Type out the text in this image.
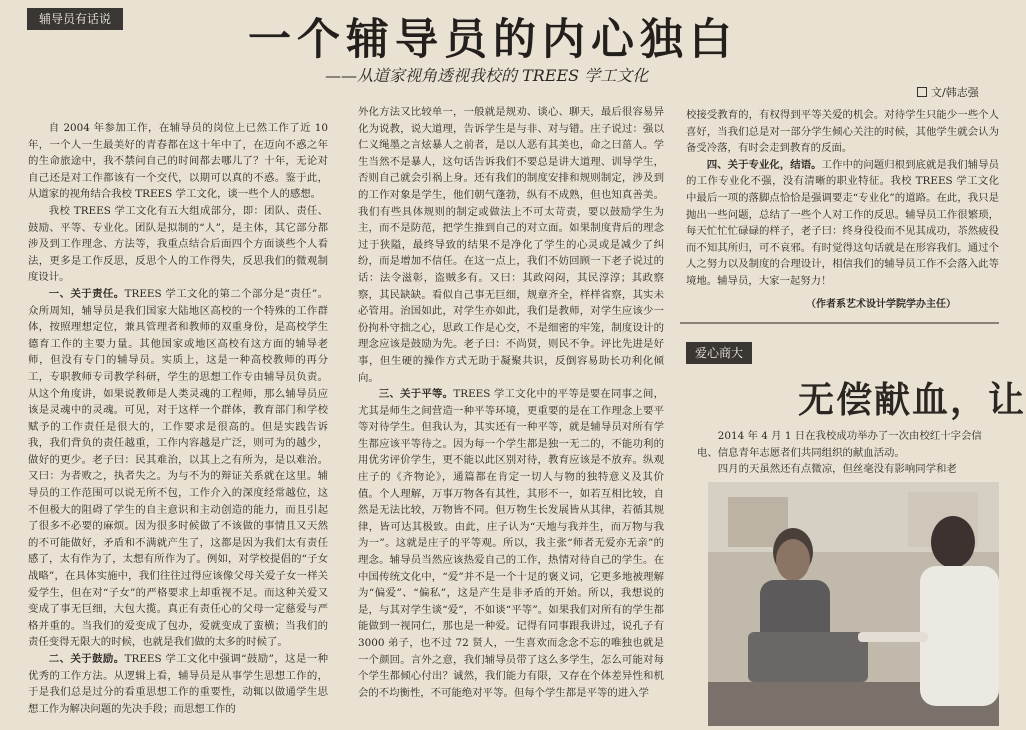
辅导员有话说	一个辅导员的内心独白
——从道家视角透视我校的 TREES 学工文化
文/韩志强

自 2004 年参加工作，在辅导员的岗位上已然工作了近 10 年，一个人一生最美好的青春都在这十年中了，在迈向不惑之年的生命旅途中，我不禁问自己的时间都去哪儿了？十年，无论对自己还是对工作都该有一个交代，以期可以真的不惑。鉴于此，从道家的视角结合我校 TREES 学工文化，谈一些个人的感想。

我校 TREES 学工文化有五大组成部分，即：团队、责任、鼓励、平等、专业化。团队是拟制的“人”，是主体，其它部分都涉及到工作理念、方法等，我重点结合后面四个方面谈些个人看法，更多是工作反思，反思个人的工作得失，反思我们的微观制度设计。

一、关于责任。TREES 学工文化的第二个部分是“责任”。众所周知，辅导员是我们国家大陆地区高校的一个特殊的工作群体，按照理想定位，兼具管理者和教师的双重身份，是高校学生德育工作的主要力量。其他国家或地区高校有这方面的辅导老师，但没有专门的辅导员。实质上，这是一种高校教师的再分工，专职教师专司教学科研，学生的思想工作专由辅导员负责。从这个角度讲，如果说教师是人类灵魂的工程师，那么辅导员应该是灵魂中的灵魂。可见，对于这样一个群体，教育部门和学校赋予的工作责任是很大的，工作要求是很高的。但是实践告诉我，我们背负的责任越重，工作内容越是广泛，则可为的越少，做好的更少。老子曰：民其难治，以其上之有所为，是以难治。又曰：为者败之，执者失之。为与不为的辩证关系就在这里。辅导员的工作范围可以说无所不包，工作介入的深度经常越位，这不但极大的阻碍了学生的自主意识和主动创造的能力，而且引起了很多不必要的麻烦。因为很多时候做了不该做的事情且又天然的不可能做好，矛盾和不满就产生了，这都是因为我们太有责任感了，太有作为了，太想有所作为了。例如，对学校提倡的“子女战略”，在具体实施中，我们往往过得应该像父母关爱子女一样关爱学生，但在对“子女”的严格要求上却重视不足。而这种关爱又变成了事无巨细，大包大揽。真正有责任心的父母一定慈爱与严格并重的。当我们的爱变成了包办，爱就变成了蛮横；当我们的责任变得无限大的时候，也就是我们做的太多的时候了。

二、关于鼓励。TREES 学工文化中强调“鼓励”，这是一种优秀的工作方法。从逻辑上看，辅导员是从事学生思想工作的，于是我们总是过分的看重思想工作的重要性，动辄以做通学生思想工作为解决问题的先决手段；而思想工作的

外化方法又比较单一，一般就是规劝、谈心、聊天，最后很容易异化为说教，说大道理，告诉学生是与非、对与错。庄子说过：强以仁义绳墨之言炫暴人之前者，是以人恶有其美也，命之曰菑人。学生当然不是暴人，这句话告诉我们不要总是讲大道理、训导学生，否则自己就会引祸上身。还有我们的制度安排和规则制定，涉及到的工作对象是学生，他们朝气蓬勃，纵有不成熟，但也知真善美。我们有些具体规则的制定或做法上不可太苛责，要以鼓励学生为主，而不是防范，把学生推到自己的对立面。如果制度背后的理念过于狭隘，最终导致的结果不是净化了学生的心灵或是减少了纠纷，而是增加不信任。在这一点上，我们不妨回顾一下老子说过的话：法令滋彰，盗贼多有。又曰：其政闷闷，其民淳淳；其政察察，其民缺缺。看似自己事无巨细，规章齐全，样样省察，其实未必管用。治国如此，对学生亦如此，我们是教师，对学生应该少一份拘朴守拙之心，思政工作是心交，不是细密的牢笼，制度设计的理念应该是鼓励为先。老子曰：不尚贤，则民不争。评比先进是好事，但生硬的操作方式无助于凝聚共识，反倒容易助长功利化倾向。

三、关于平等。TREES 学工文化中的平等是要在同事之间，尤其是师生之间营造一种平等环境，更重要的是在工作理念上要平等对待学生。但我认为，其实还有一种平等，就是辅导员对所有学生都应该平等待之。因为每一个学生都是独一无二的，不能功利的用优劣评价学生，更不能以此区别对待，教育应该是不放弃。纵观庄子的《齐物论》，通篇都在肯定一切人与物的独特意义及其价值。个人理解，万事万物各有其性，其形不一，如若互相比较，自然是无法比较，万物皆不同。但万物生长发展皆从其律，若循其规律，皆可达其极致。由此，庄子认为“天地与我并生，而万物与我为一”。这就是庄子的平等观。所以，我主张“师者无爱亦无亲”的理念。辅导员当然应该热爱自己的工作，热情对待自己的学生。在中国传统文化中，“爱”并不是一个十足的褒义词，它更多地被理解为“偏爱”、“偏私”，这是产生是非矛盾的开始。所以，我想说的是，与其对学生谈“爱”，不如谈“平等”。如果我们对所有的学生都能做到一视同仁，那也是一种爱。记得有同事跟我讲过，说孔子有 3000 弟子，也不过 72 贤人，一生喜欢而念念不忘的唯独也就是一个颜回。言外之意，我们辅导员带了这么多学生，怎么可能对每个学生都倾心付出？诚然，我们能力有限，又存在个体差异性和机会的不均衡性，不可能绝对平等。但每个学生都是平等的进入学

校接受教育的，有权得到平等关爱的机会。对待学生只能少一些个人喜好，当我们总是对一部分学生倾心关注的时候，其他学生就会认为备受冷落，有时会走到教育的反面。

四、关于专业化，结语。工作中的问题归根到底就是我们辅导员的工作专业化不强，没有清晰的职业特征。我校 TREES 学工文化中最后一项的落脚点恰恰是强调要走“专业化”的道路。在此，我只是抛出一些问题，总结了一些个人对工作的反思。辅导员工作很繁琐，每天忙忙忙碌碌的样子，老子曰：终身役役而不见其成功，苶然疲役而不知其所归，可不哀邪。有时觉得这句话就是在形容我们。通过个人之努力以及制度的合理设计，相信我们的辅导员工作不会落入此等境地。辅导员，大家一起努力！

（作者系艺术设计学院学办主任）
爱心商大
无偿献血，让

2014 年 4 月 1 日在我校成功举办了一次由校红十字会信电、信息青年志愿者们共同组织的献血活动。

四月的天虽然还有点微凉，但丝毫没有影响同学和老
